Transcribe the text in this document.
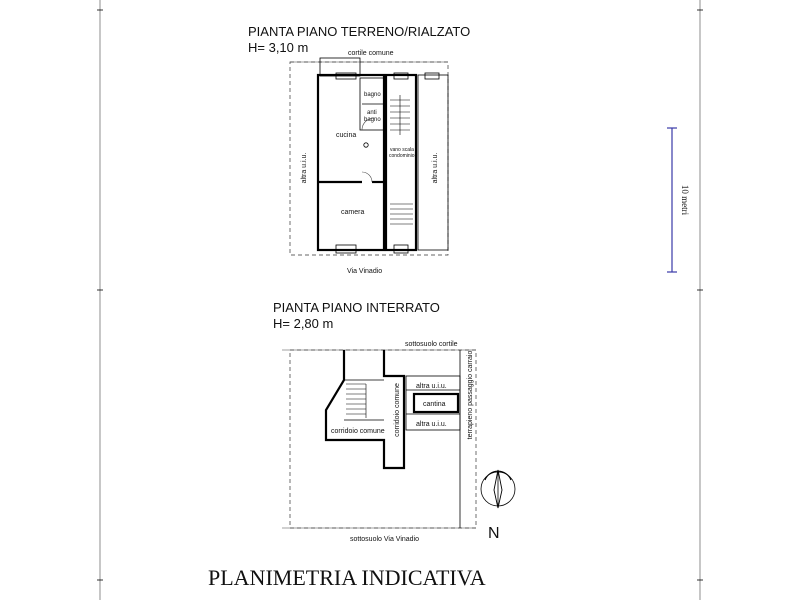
10 metri
PIANTA PIANO TERRENO/RIALZATO
H= 3,10 m	cortile comune
bagno
anti
bagno
cucina
camera
vano scala
condominio
altra u.i.u.	altra u.i.u.
Via Vinadio
PIANTA PIANO INTERRATO
H= 2,80 m
sottosuolo cortile
corridoio comune
corridoio comune
altra u.i.u.
cantina
altra u.i.u.	terrapieno passaggio carraio
sottosuolo Via Vinadio	N
PLANIMETRIA INDICATIVA
